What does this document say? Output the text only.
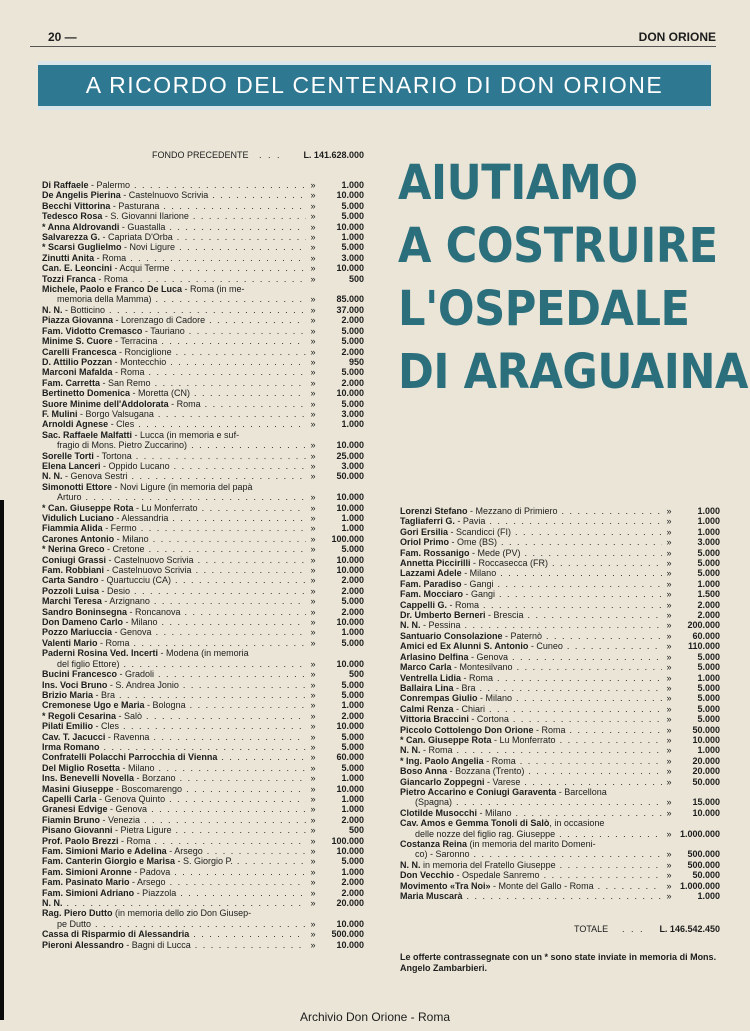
20 —	DON ORIONE
A RICORDO DEL CENTENARIO DI DON ORIONE
FONDO PRECEDENTE . . . L. 141.628.000
Di Raffaele - Palermo . . .	»	1.000
De Angelis Pierina - Castelnuovo Scrivia . . .	»	10.000
Becchi Vittorina - Pasturana . . .	»	5.000
Tedesco Rosa - S. Giovanni Ilarione . . .	»	5.000
* Anna Aldrovandi - Guastalla . . .	»	10.000
Salvarezza G. - Capriata D'Orba . . .	»	1.000
* Scarsi Guglielmo - Novi Ligure . . .	»	5.000
Zinutti Anita - Roma . . .	»	3.000
Can. E. Leoncini - Acqui Terme . . .	»	10.000
Tozzi Franca - Roma . . .	»	500
Michele, Paolo e Franco De Luca - Roma (in me-
memoria della Mamma) . . .	»	85.000
N. N. - Botticino . . .	»	37.000
Piazza Giovanna - Lorenzago di Cadore . . .	»	2.000
Fam. Vidotto Cremasco - Tauriano . . .	»	5.000
Minime S. Cuore - Terracina . . .	»	5.000
Carelli Francesca - Ronciglione . . .	»	2.000
D. Attilio Pozzan - Montecchio . . .	»	950
Marconi Mafalda - Roma . . .	»	5.000
Fam. Carretta - San Remo . . .	»	2.000
Bertinetto Domenica - Moretta (CN) . . .	»	10.000
Suore Minime dell'Addolorata - Roma . . .	»	5.000
F. Mulini - Borgo Valsugana . . .	»	3.000
Arnoldi Agnese - Cles . . .	»	1.000
Sac. Raffaele Malfatti - Lucca (in memoria e suf-
fragio di Mons. Pietro Zuccarino) . . .	»	10.000
Sorelle Torti - Tortona . . .	»	25.000
Elena Lanceri - Oppido Lucano . . .	»	3.000
N. N. - Genova Sestri . . .	»	50.000
Simonotti Ettore - Novi Ligure (in memoria del papà
Arturo . . .	»	10.000
* Can. Giuseppe Rota - Lu Monferrato . . .	»	10.000
Vidulich Luciano - Alessandria . . .	»	1.000
Fiammia Alida - Fermo . . .	»	1.000
Carones Antonio - Milano . . .	»	100.000
* Nerina Greco - Cretone . . .	»	5.000
Coniugi Grassi - Castelnuovo Scrivia . . .	»	10.000
Fam. Robbiani - Castelnuovo Scrivia . . .	»	10.000
Carta Sandro - Quartucciu (CA) . . .	»	2.000
Pozzoli Luisa - Desio . . .	»	2.000
Marchi Teresa - Arzignano . . .	»	5.000
Sandro Boninsegna - Roncanova . . .	»	2.000
Don Dameno Carlo - Milano . . .	»	10.000
Pozzo Mariuccia - Genova . . .	»	1.000
Valenti Mario - Roma . . .	»	5.000
Paderni Rosina Ved. Incerti - Modena (in memoria
del figlio Ettore) . . .	»	10.000
Bucini Francesco - Gradoli . . .	»	500
Ins. Voci Bruno - S. Andrea Jonio . . .	»	5.000
Brizio Maria - Bra . . .	»	5.000
Cremonese Ugo e Maria - Bologna . . .	»	1.000
* Regoli Cesarina - Salò . . .	»	2.000
Pilati Emilio - Cles . . .	»	10.000
Cav. T. Jacucci - Ravenna . . .	»	5.000
Irma Romano . . .	»	5.000
Confratelli Polacchi Parrocchia di Vienna . . .	»	60.000
Del Miglio Rosetta - Milano . . .	»	5.000
Ins. Benevelli Novella - Borzano . . .	»	1.000
Masini Giuseppe - Boscomarengo . . .	»	10.000
Capelli Carla - Genova Quinto . . .	»	1.000
Granesi Edvige - Genova . . .	»	1.000
Fiamin Bruno - Venezia . . .	»	2.000
Pisano Giovanni - Pietra Ligure . . .	»	500
Prof. Paolo Brezzi - Roma . . .	»	100.000
Fam. Simioni Mario e Adelina - Arsego . . .	»	10.000
Fam. Canterin Giorgio e Marisa - S. Giorgio P. . . .	»	5.000
Fam. Simioni Aronne - Padova . . .	»	1.000
Fam. Pasinato Mario - Arsego . . .	»	2.000
Fam. Simioni Adriano - Piazzola . . .	»	2.000
N. N. . . .	»	20.000
Rag. Piero Dutto (in memoria dello zio Don Giusep-
pe Dutto . . .	»	10.000
Cassa di Risparmio di Alessandria . . .	»	500.000
Pieroni Alessandro - Bagni di Lucca . . .	»	10.000
AIUTIAMO
A COSTRUIRE
L'OSPEDALE
DI ARAGUAINA
Lorenzi Stefano - Mezzano di Primiero . . .	»	1.000
Tagliaferri G. - Pavia . . .	»	1.000
Gori Ersilia - Scandicci (FI) . . .	»	1.000
Oriol Primo - Ome (BS) . . .	»	3.000
Fam. Rossanigo - Mede (PV) . . .	»	5.000
Annetta Piccirilli - Roccasecca (FR) . . .	»	5.000
Lazzami Adele - Milano . . .	»	5.000
Fam. Paradiso - Gangi . . .	»	1.000
Fam. Mocciaro - Gangi . . .	»	1.500
Cappelli G. - Roma . . .	»	2.000
Dr. Umberto Berneri - Brescia . . .	»	2.000
N. N. - Pessina . . .	»	200.000
Santuario Consolazione - Paternò . . .	»	60.000
Amici ed Ex Alunni S. Antonio - Cuneo . . .	»	110.000
Arlasino Delfina - Genova . . .	»	5.000
Marco Carla - Montesilvano . . .	»	5.000
Ventrella Lidia - Roma . . .	»	1.000
Ballaira Lina - Bra . . .	»	5.000
Conrempas Giulio - Milano . . .	»	5.000
Calmi Renza - Chiari . . .	»	5.000
Vittoria Braccini - Cortona . . .	»	5.000
Piccolo Cottolengo Don Orione - Roma . . .	»	50.000
* Can. Giuseppe Rota - Lu Monferrato . . .	»	10.000
N. N. - Roma . . .	»	1.000
* Ing. Paolo Angelia - Roma . . .	»	20.000
Boso Anna - Bozzana (Trento) . . .	»	20.000
Giancarlo Zoppegni - Varese . . .	»	50.000
Pietro Accarino e Coniugi Garaventa - Barcellona
(Spagna) . . .	»	15.000
Clotilde Musocchi - Milano . . .	»	10.000
Cav. Amos e Gemma Tonoli di Salò, in occasione
delle nozze del figlio rag. Giuseppe . . .	» 1.000.000
Costanza Reina (in memoria del marito Domeni-
co) - Saronno . . .	»	500.000
N. N. in memoria del Fratello Giuseppe . . .	»	500.000
Don Vecchio - Ospedale Sanremo . . .	»	50.000
Movimento «Tra Noi» - Monte del Gallo - Roma . . .	» 1.000.000
Maria Muscarà . . .	»	1.000
TOTALE . . . L. 146.542.450
Le offerte contrassegnate con un * sono state inviate in memoria di Mons. Angelo Zambarbieri.
Archivio Don Orione - Roma
